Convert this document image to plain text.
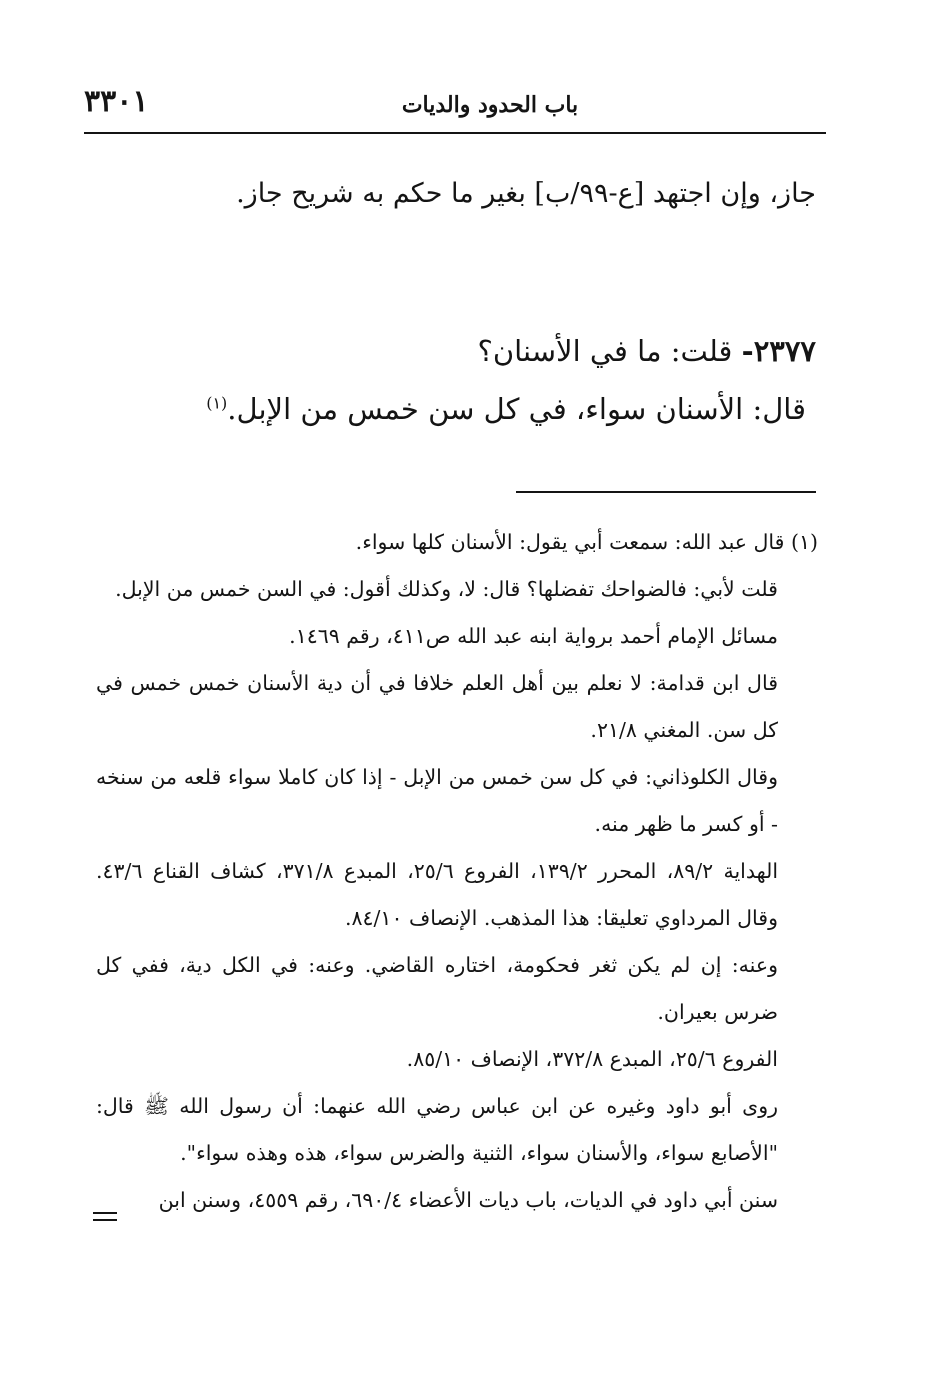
٣٣٠١	باب الحدود والديات

جاز، وإن اجتهد [ع-٩٩/ب] بغير ما حكم به شريح جاز.

٢٣٧٧- قلت: ما في الأسنان؟

قال: الأسنان سواء، في كل سن خمس من الإبل.$^{(١)}$

(١) قال عبد الله: سمعت أبي يقول: الأسنان كلها سواء.

قلت لأبي: فالضواحك تفضلها؟ قال: لا، وكذلك أقول: في السن خمس من الإبل.

مسائل الإمام أحمد برواية ابنه عبد الله ص٤١١، رقم ١٤٦٩.

قال ابن قدامة: لا نعلم بين أهل العلم خلافا في أن دية الأسنان خمس خمس في كل سن. المغني ٢١/٨.

وقال الكلوذاني: في كل سن خمس من الإبل - إذا كان كاملا سواء قلعه من سنخه - أو كسر ما ظهر منه.

الهداية ٨٩/٢، المحرر ١٣٩/٢، الفروع ٢٥/٦، المبدع ٣٧١/٨، كشاف القناع ٤٣/٦. وقال المرداوي تعليقا: هذا المذهب. الإنصاف ٨٤/١٠.

وعنه: إن لم يكن ثغر فحكومة، اختاره القاضي. وعنه: في الكل دية، ففي كل ضرس بعيران.

الفروع ٢٥/٦، المبدع ٣٧٢/٨، الإنصاف ٨٥/١٠.

روى أبو داود وغيره عن ابن عباس رضي الله عنهما: أن رسول الله ﷺ قال: "الأصابع سواء، والأسنان سواء، الثنية والضرس سواء، هذه وهذه سواء".

سنن أبي داود في الديات، باب ديات الأعضاء ٦٩٠/٤، رقم ٤٥٥٩، وسنن ابن
